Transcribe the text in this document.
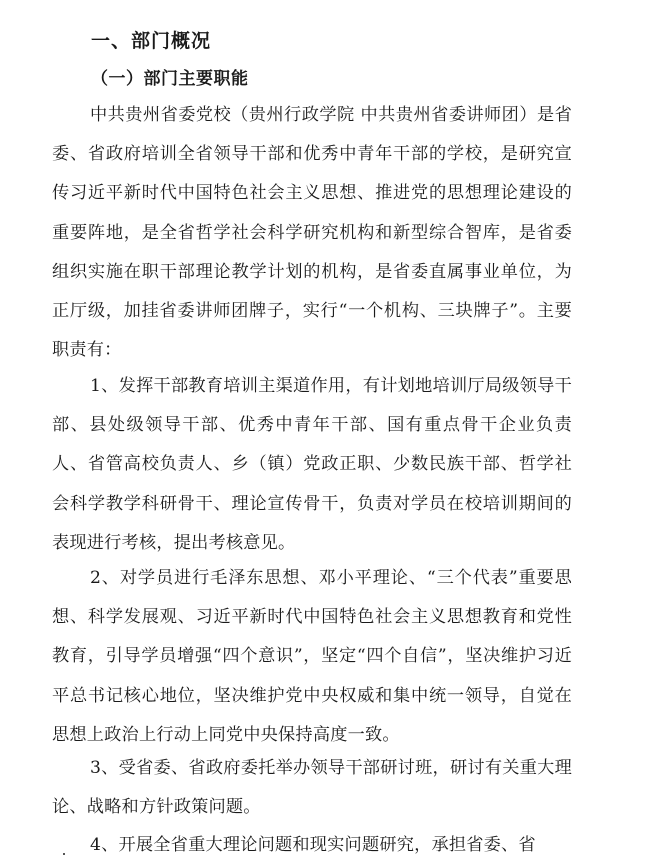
一、部门概况
（一）部门主要职能

中共贵州省委党校（贵州行政学院 中共贵州省委讲师团）是省委、省政府培训全省领导干部和优秀中青年干部的学校，是研究宣传习近平新时代中国特色社会主义思想、推进党的思想理论建设的重要阵地，是全省哲学社会科学研究机构和新型综合智库，是省委组织实施在职干部理论教学计划的机构，是省委直属事业单位，为正厅级，加挂省委讲师团牌子，实行“一个机构、三块牌子”。主要职责有：

1、发挥干部教育培训主渠道作用，有计划地培训厅局级领导干部、县处级领导干部、优秀中青年干部、国有重点骨干企业负责人、省管高校负责人、乡（镇）党政正职、少数民族干部、哲学社会科学教学科研骨干、理论宣传骨干，负责对学员在校培训期间的表现进行考核，提出考核意见。

2、对学员进行毛泽东思想、邓小平理论、“三个代表”重要思想、科学发展观、习近平新时代中国特色社会主义思想教育和党性教育，引导学员增强“四个意识”，坚定“四个自信”，坚决维护习近平总书记核心地位，坚决维护党中央权威和集中统一领导，自觉在思想上政治上行动上同党中央保持高度一致。

3、受省委、省政府委托举办领导干部研讨班，研讨有关重大理论、战略和方针政策问题。

4、开展全省重大理论问题和现实问题研究，承担省委、省
